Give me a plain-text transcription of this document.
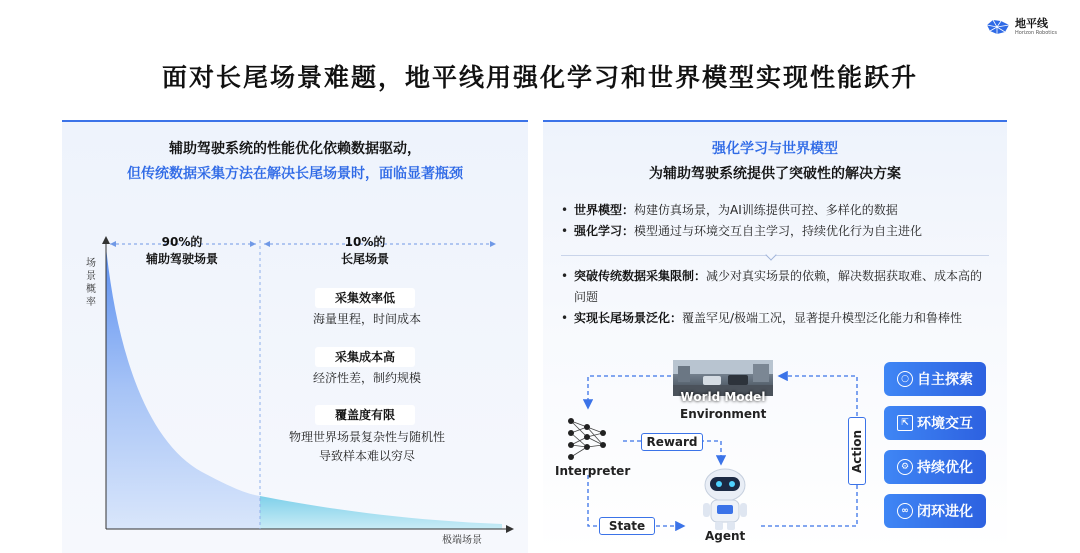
地平线
Horizon Robotics
面对长尾场景难题，地平线用强化学习和世界模型实现性能跃升
辅助驾驶系统的性能优化依赖数据驱动，
但传统数据采集方法在解决长尾场景时，面临显著瓶颈
场景概率
极端场景
90%的
辅助驾驶场景
10%的
长尾场景
采集效率低
海量里程，时间成本
采集成本高
经济性差，制约规模
覆盖度有限
物理世界场景复杂性与随机性导致样本难以穷尽
强化学习与世界模型
为辅助驾驶系统提供了突破性的解决方案
• 世界模型：构建仿真场景，为AI训练提供可控、多样化的数据
• 强化学习：模型通过与环境交互自主学习，持续优化行为自主进化
• 突破传统数据采集限制：减少对真实场景的依赖，解决数据获取难、成本高的问题
• 实现长尾场景泛化：覆盖罕见/极端工况，显著提升模型泛化能力和鲁棒性
World Model
Environment
Interpreter
Agent
Reward
State
Action
○ 自主探索
⇱ 环境交互
⚙ 持续优化
∞ 闭环进化
